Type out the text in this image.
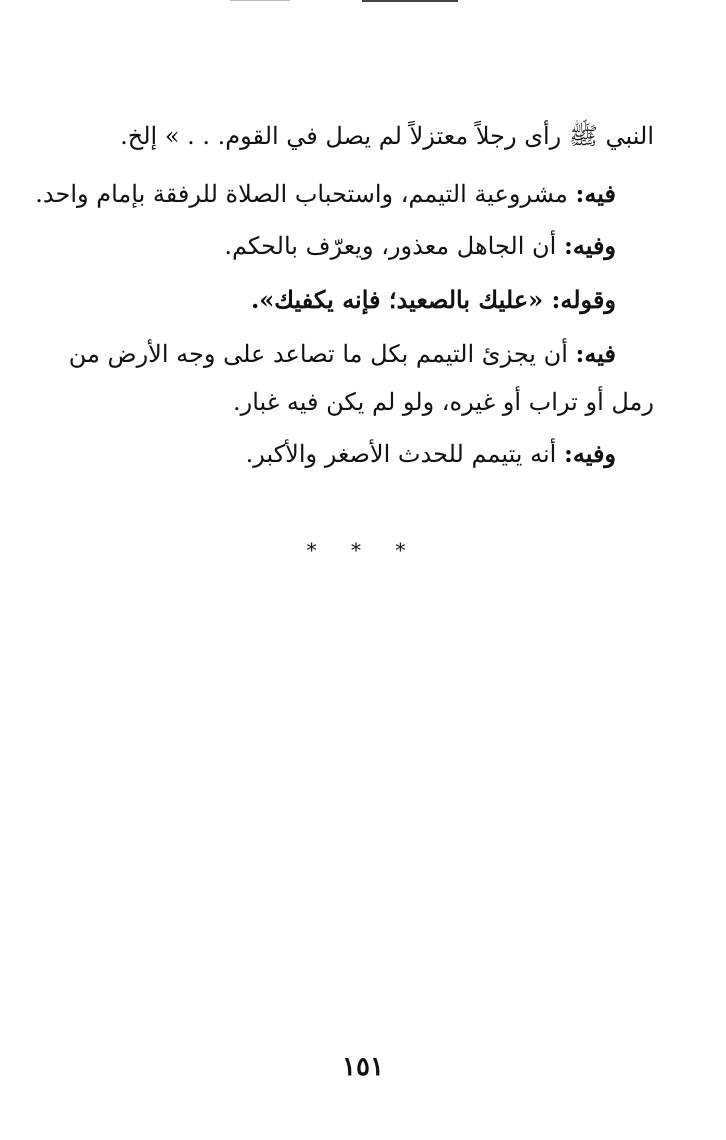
النبي ﷺ رأى رجلاً معتزلاً لم يصل في القوم. . . » إلخ.
فيه: مشروعية التيمم، واستحباب الصلاة للرفقة بإمام واحد.
وفيه: أن الجاهل معذور، ويعرّف بالحكم.
وقوله: «عليك بالصعيد؛ فإنه يكفيك».
فيه: أن يجزئ التيمم بكل ما تصاعد على وجه الأرض من
رمل أو تراب أو غيره، ولو لم يكن فيه غبار.
وفيه: أنه يتيمم للحدث الأصغر والأكبر.
* * *
١٥١
